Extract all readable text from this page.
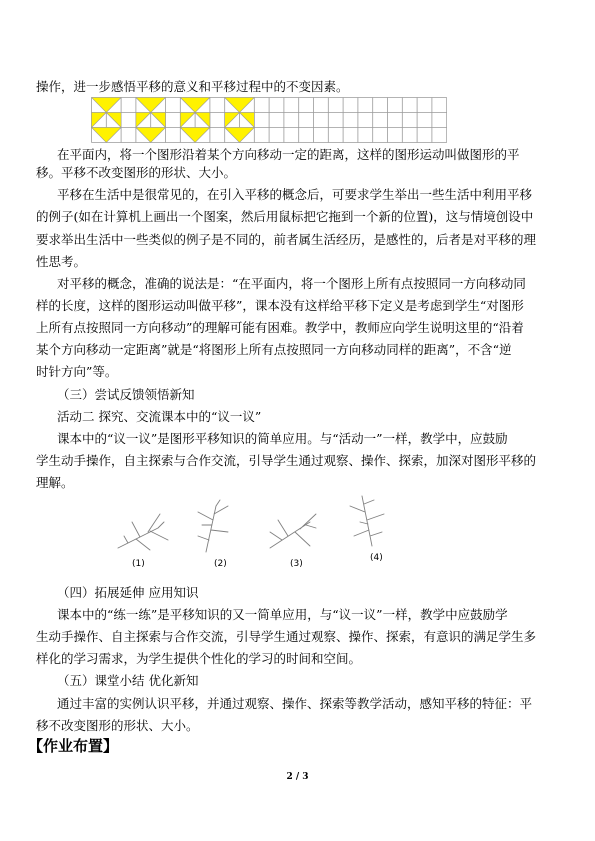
操作，进一步感悟平移的意义和平移过程中的不变因素。
在平面内，将一个图形沿着某个方向移动一定的距离，这样的图形运动叫做图形的平
移。平移不改变图形的形状、大小。
平移在生活中是很常见的，在引入平移的概念后，可要求学生举出一些生活中利用平移
的例子(如在计算机上画出一个图案，然后用鼠标把它拖到一个新的位置)，这与情境创设中
要求举出生活中一些类似的例子是不同的，前者属生活经历，是感性的，后者是对平移的理
性思考。
对平移的概念，准确的说法是：“在平面内，将一个图形上所有点按照同一方向移动同
样的长度，这样的图形运动叫做平移”，课本没有这样给平移下定义是考虑到学生“对图形
上所有点按照同一方向移动”的理解可能有困难。教学中，教师应向学生说明这里的“沿着
某个方向移动一定距离”就是“将图形上所有点按照同一方向移动同样的距离”，不含“逆
时针方向”等。
（三）尝试反馈领悟新知
活动二 探究、交流课本中的“议一议”
课本中的“议一议”是图形平移知识的简单应用。与“活动一”一样，教学中，应鼓励
学生动手操作，自主探索与合作交流，引导学生通过观察、操作、探索，加深对图形平移的
理解。
(1)	(2)	(3)
(4)
（四）拓展延伸 应用知识
课本中的“练一练”是平移知识的又一简单应用，与“议一议”一样，教学中应鼓励学
生动手操作、自主探索与合作交流，引导学生通过观察、操作、探索，有意识的满足学生多
样化的学习需求，为学生提供个性化的学习的时间和空间。
（五）课堂小结 优化新知
通过丰富的实例认识平移，并通过观察、操作、探索等教学活动，感知平移的特征：平
移不改变图形的形状、大小。
【作业布置】
2 / 3
